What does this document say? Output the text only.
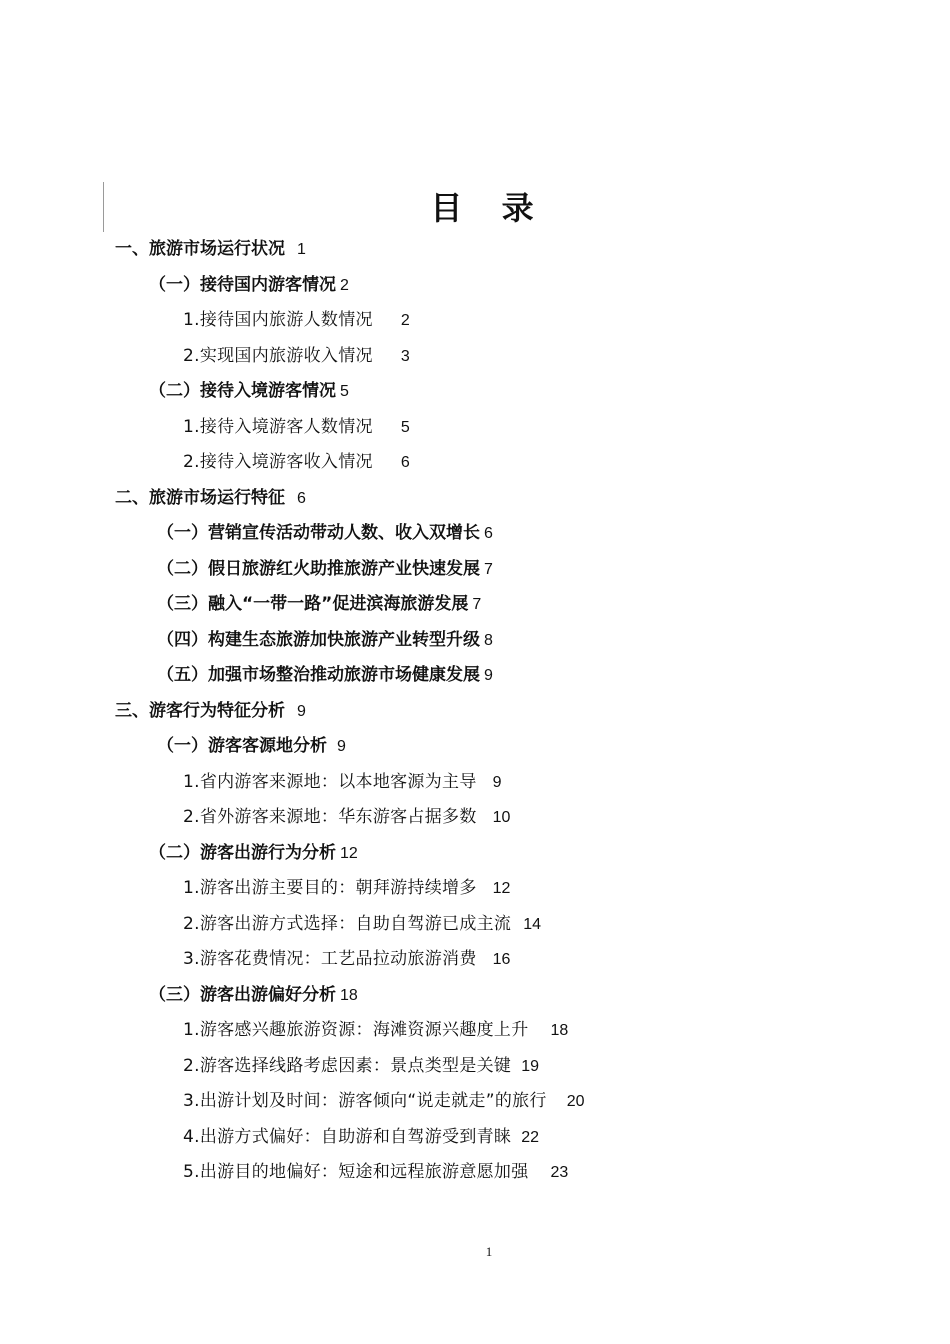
目 录
一、旅游市场运行状况 1
（一）接待国内游客情况 2
1.接待国内旅游人数情况 2
2.实现国内旅游收入情况 3
（二）接待入境游客情况 5
1.接待入境游客人数情况 5
2.接待入境游客收入情况 6
二、旅游市场运行特征 6
（一）营销宣传活动带动人数、收入双增长 6
（二）假日旅游红火助推旅游产业快速发展 7
（三）融入“一带一路”促进滨海旅游发展 7
（四）构建生态旅游加快旅游产业转型升级 8
（五）加强市场整治推动旅游市场健康发展 9
三、游客行为特征分析 9
（一）游客客源地分析 9
1.省内游客来源地：以本地客源为主导 9
2.省外游客来源地：华东游客占据多数 10
（二）游客出游行为分析 12
1.游客出游主要目的：朝拜游持续增多 12
2.游客出游方式选择：自助自驾游已成主流 14
3.游客花费情况：工艺品拉动旅游消费 16
（三）游客出游偏好分析 18
1.游客感兴趣旅游资源：海滩资源兴趣度上升 18
2.游客选择线路考虑因素：景点类型是关键 19
3.出游计划及时间：游客倾向“说走就走”的旅行 20
4.出游方式偏好：自助游和自驾游受到青睐 22
5.出游目的地偏好：短途和远程旅游意愿加强 23
1
